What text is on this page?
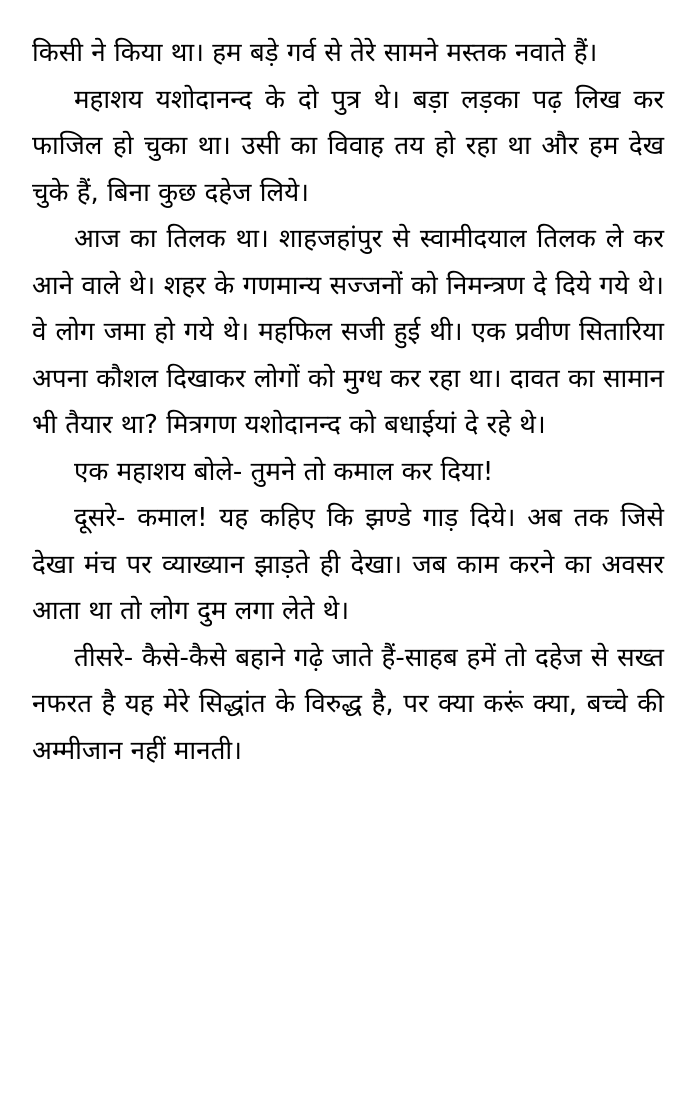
किसी ने किया था। हम बड़े गर्व से तेरे सामने मस्तक नवाते हैं।

महाशय यशोदानन्द के दो पुत्र थे। बड़ा लड़का पढ़ लिख कर फाजिल हो चुका था। उसी का विवाह तय हो रहा था और हम देख चुके हैं, बिना कुछ दहेज लिये।

आज का तिलक था। शाहजहांपुर से स्वामीदयाल तिलक ले कर आने वाले थे। शहर के गणमान्य सज्जनों को निमन्त्रण दे दिये गये थे। वे लोग जमा हो गये थे। महफिल सजी हुई थी। एक प्रवीण सितारिया अपना कौशल दिखाकर लोगों को मुग्ध कर रहा था। दावत का सामान भी तैयार था? मित्रगण यशोदानन्द को बधाईयां दे रहे थे।

एक महाशय बोले- तुमने तो कमाल कर दिया!

दूसरे- कमाल! यह कहिए कि झण्डे गाड़ दिये। अब तक जिसे देखा मंच पर व्याख्यान झाड़ते ही देखा। जब काम करने का अवसर आता था तो लोग दुम लगा लेते थे।

तीसरे- कैसे-कैसे बहाने गढ़े जाते हैं-साहब हमें तो दहेज से सख्त नफरत है यह मेरे सिद्धांत के विरुद्ध है, पर क्या करूं क्या, बच्चे की अम्मीजान नहीं मानती।
